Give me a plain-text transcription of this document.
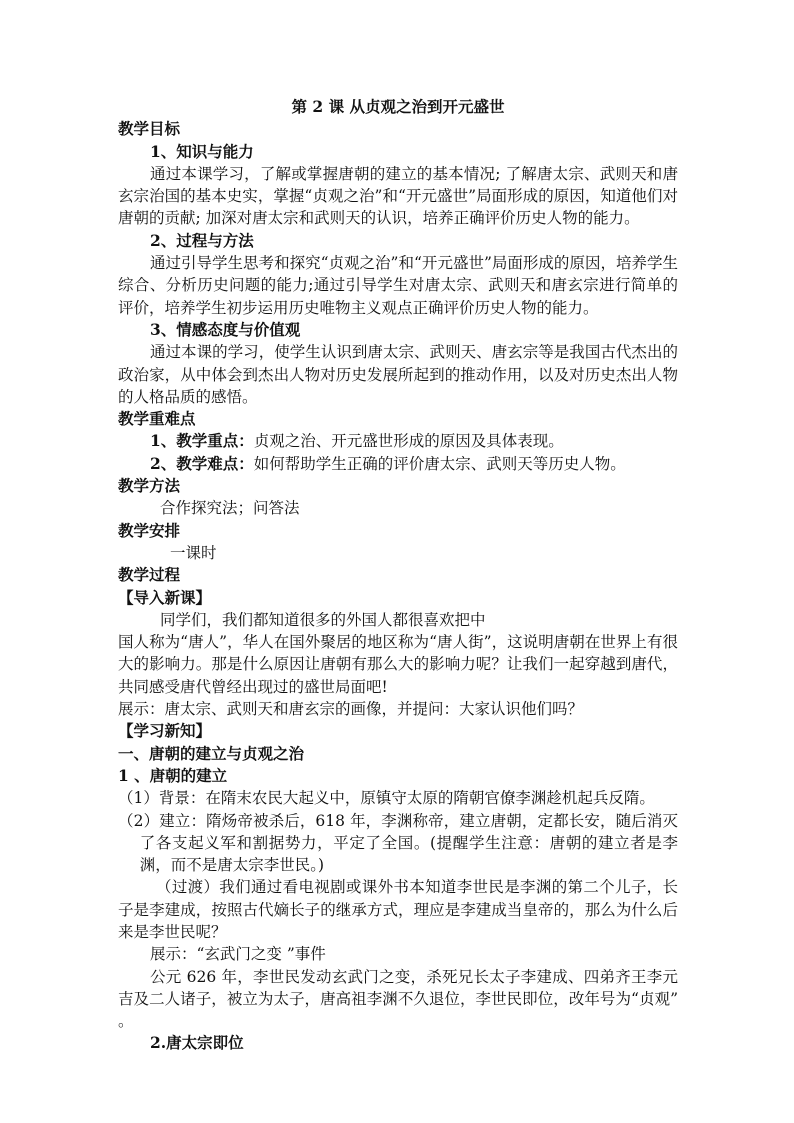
第 2 课 从贞观之治到开元盛世

教学目标

1、知识与能力

通过本课学习，了解或掌握唐朝的建立的基本情况; 了解唐太宗、武则天和唐玄宗治国的基本史实，掌握“贞观之治”和“开元盛世”局面形成的原因，知道他们对唐朝的贡献; 加深对唐太宗和武则天的认识，培养正确评价历史人物的能力。

2、过程与方法

通过引导学生思考和探究“贞观之治”和“开元盛世”局面形成的原因，培养学生综合、分析历史问题的能力;通过引导学生对唐太宗、武则天和唐玄宗进行简单的评价，培养学生初步运用历史唯物主义观点正确评价历史人物的能力。

3、情感态度与价值观

通过本课的学习，使学生认识到唐太宗、武则天、唐玄宗等是我国古代杰出的政治家，从中体会到杰出人物对历史发展所起到的推动作用，以及对历史杰出人物的人格品质的感悟。

教学重难点

1、教学重点：贞观之治、开元盛世形成的原因及具体表现。

2、教学难点：如何帮助学生正确的评价唐太宗、武则天等历史人物。

教学方法

合作探究法；问答法

教学安排

一课时

教学过程

【导入新课】

同学们，我们都知道很多的外国人都很喜欢把中

国人称为“唐人”，华人在国外聚居的地区称为“唐人街”，这说明唐朝在世界上有很大的影响力。那是什么原因让唐朝有那么大的影响力呢？让我们一起穿越到唐代，共同感受唐代曾经出现过的盛世局面吧!

展示：唐太宗、武则天和唐玄宗的画像，并提问：大家认识他们吗？

【学习新知】

一、唐朝的建立与贞观之治

1 、唐朝的建立

（1）背景：在隋末农民大起义中，原镇守太原的隋朝官僚李渊趁机起兵反隋。

（2）建立：隋炀帝被杀后，618 年，李渊称帝，建立唐朝，定都长安，随后消灭了各支起义军和割据势力，平定了全国。(提醒学生注意：唐朝的建立者是李渊，而不是唐太宗李世民。)

（过渡）我们通过看电视剧或课外书本知道李世民是李渊的第二个儿子，长子是李建成，按照古代嫡长子的继承方式，理应是李建成当皇帝的，那么为什么后来是李世民呢？

展示：“玄武门之变 ”事件

公元 626 年，李世民发动玄武门之变，杀死兄长太子李建成、四弟齐王李元吉及二人诸子，被立为太子，唐高祖李渊不久退位，李世民即位，改年号为“贞观” 。

2.唐太宗即位
